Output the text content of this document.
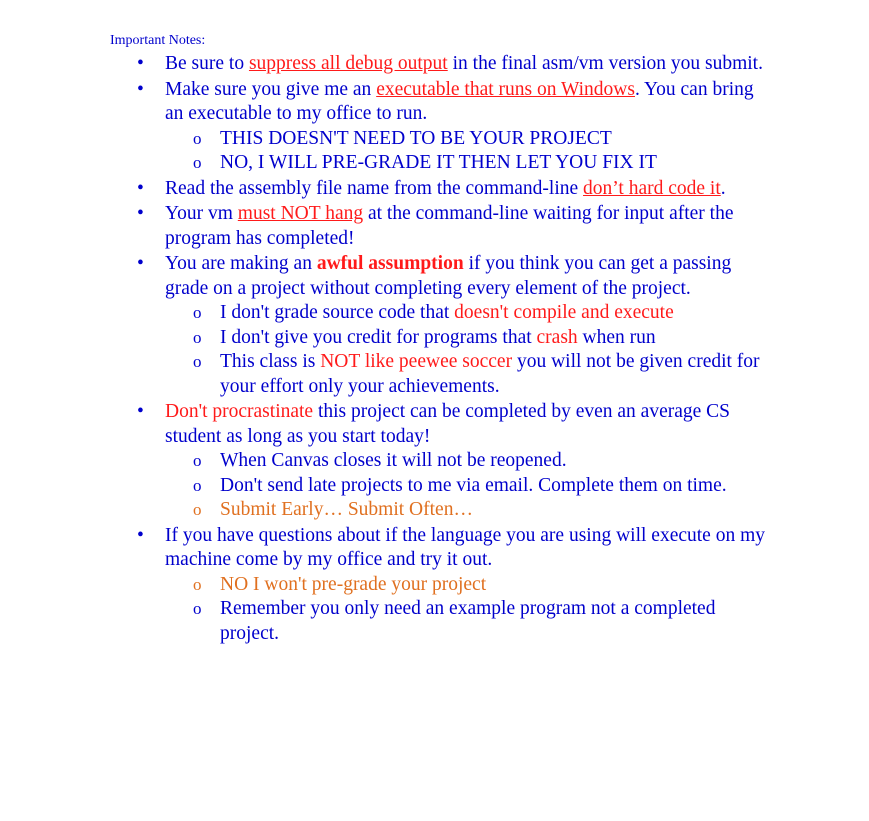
Important Notes:
• Be sure to suppress all debug output in the final asm/vm version you submit.
• Make sure you give me an executable that runs on Windows. You can bring an executable to my office to run.
o THIS DOESN'T NEED TO BE YOUR PROJECT
o NO, I WILL PRE-GRADE IT THEN LET YOU FIX IT
• Read the assembly file name from the command-line don’t hard code it.
• Your vm must NOT hang at the command-line waiting for input after the program has completed!
• You are making an awful assumption if you think you can get a passing grade on a project without completing every element of the project.
o I don't grade source code that doesn't compile and execute
o I don't give you credit for programs that crash when run
o This class is NOT like peewee soccer you will not be given credit for your effort only your achievements.
• Don't procrastinate this project can be completed by even an average CS student as long as you start today!
o When Canvas closes it will not be reopened.
o Don't send late projects to me via email. Complete them on time.
o Submit Early… Submit Often…
• If you have questions about if the language you are using will execute on my machine come by my office and try it out.
o NO I won't pre-grade your project
o Remember you only need an example program not a completed project.
